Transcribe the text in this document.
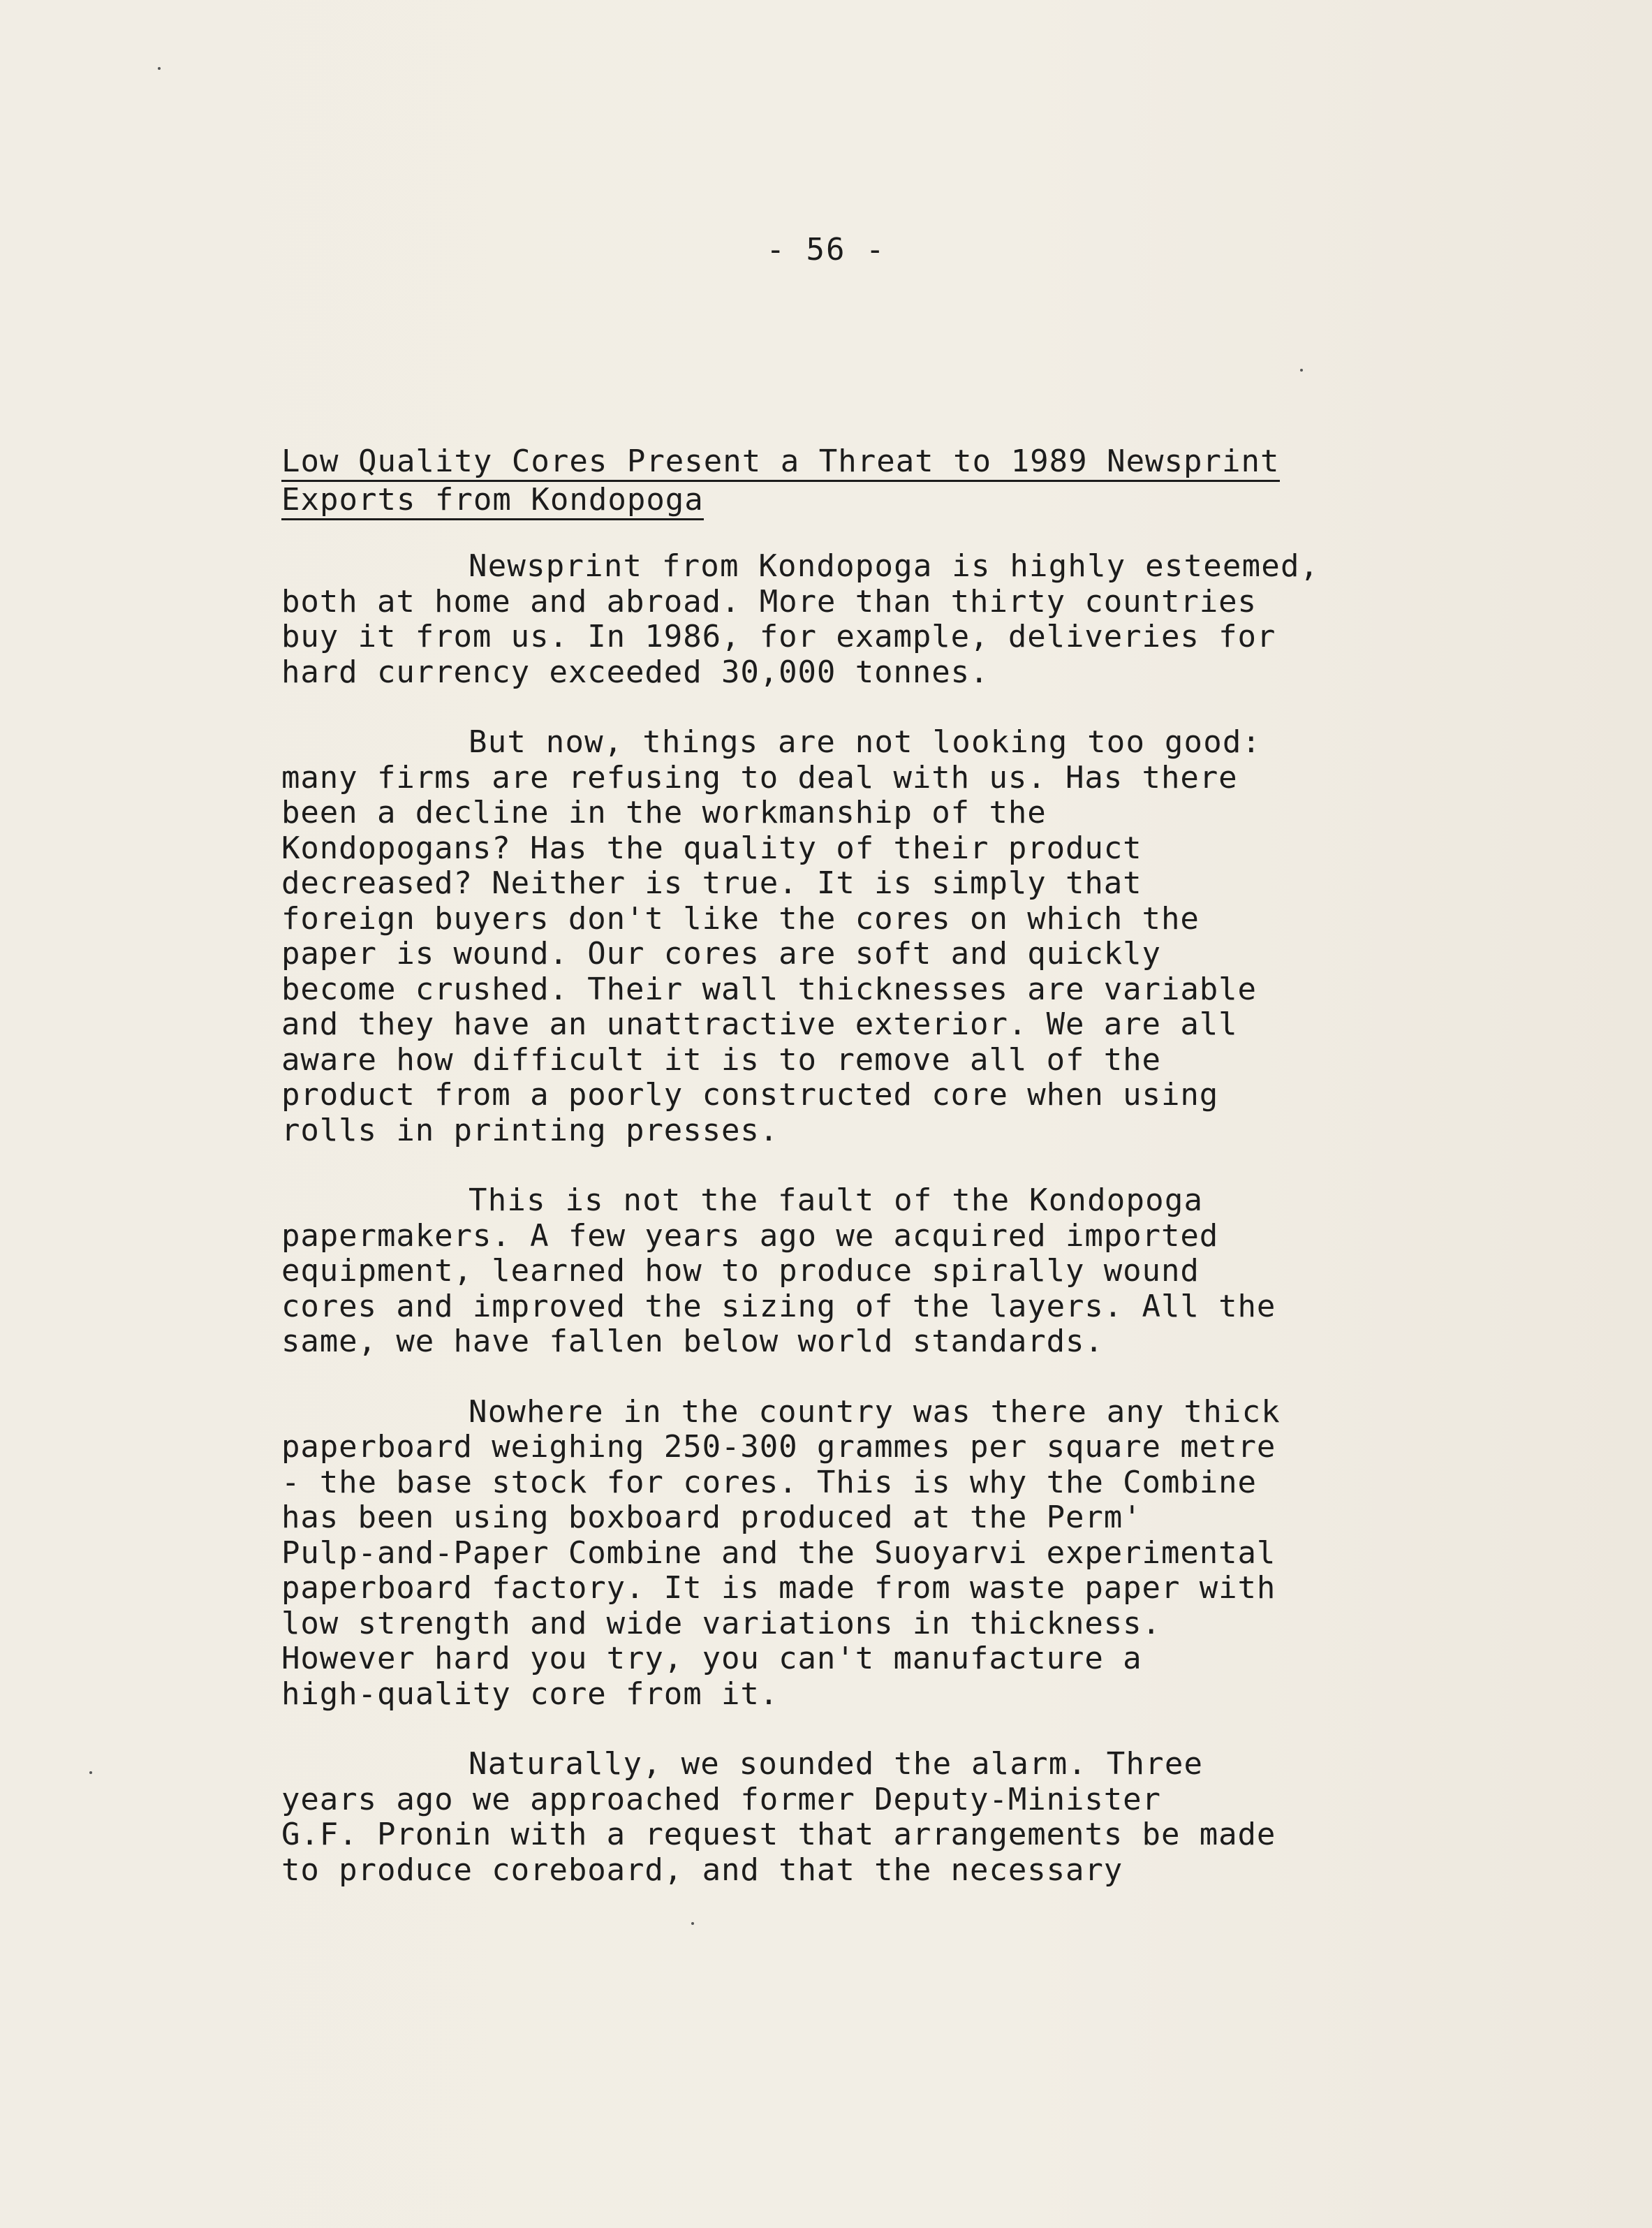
- 56 -
Low Quality Cores Present a Threat to 1989 Newsprint
Exports from Kondopoga

Newsprint from Kondopoga is highly esteemed,
both at home and abroad. More than thirty countries
buy it from us. In 1986, for example, deliveries for
hard currency exceeded 30,000 tonnes.

But now, things are not looking too good:
many firms are refusing to deal with us. Has there
been a decline in the workmanship of the
Kondopogans? Has the quality of their product
decreased? Neither is true. It is simply that
foreign buyers don't like the cores on which the
paper is wound. Our cores are soft and quickly
become crushed. Their wall thicknesses are variable
and they have an unattractive exterior. We are all
aware how difficult it is to remove all of the
product from a poorly constructed core when using
rolls in printing presses.

This is not the fault of the Kondopoga
papermakers. A few years ago we acquired imported
equipment, learned how to produce spirally wound
cores and improved the sizing of the layers. All the
same, we have fallen below world standards.

Nowhere in the country was there any thick
paperboard weighing 250-300 grammes per square metre
- the base stock for cores. This is why the Combine
has been using boxboard produced at the Perm'
Pulp-and-Paper Combine and the Suoyarvi experimental
paperboard factory. It is made from waste paper with
low strength and wide variations in thickness.
However hard you try, you can't manufacture a
high-quality core from it.

Naturally, we sounded the alarm. Three
years ago we approached former Deputy-Minister
G.F. Pronin with a request that arrangements be made
to produce coreboard, and that the necessary
